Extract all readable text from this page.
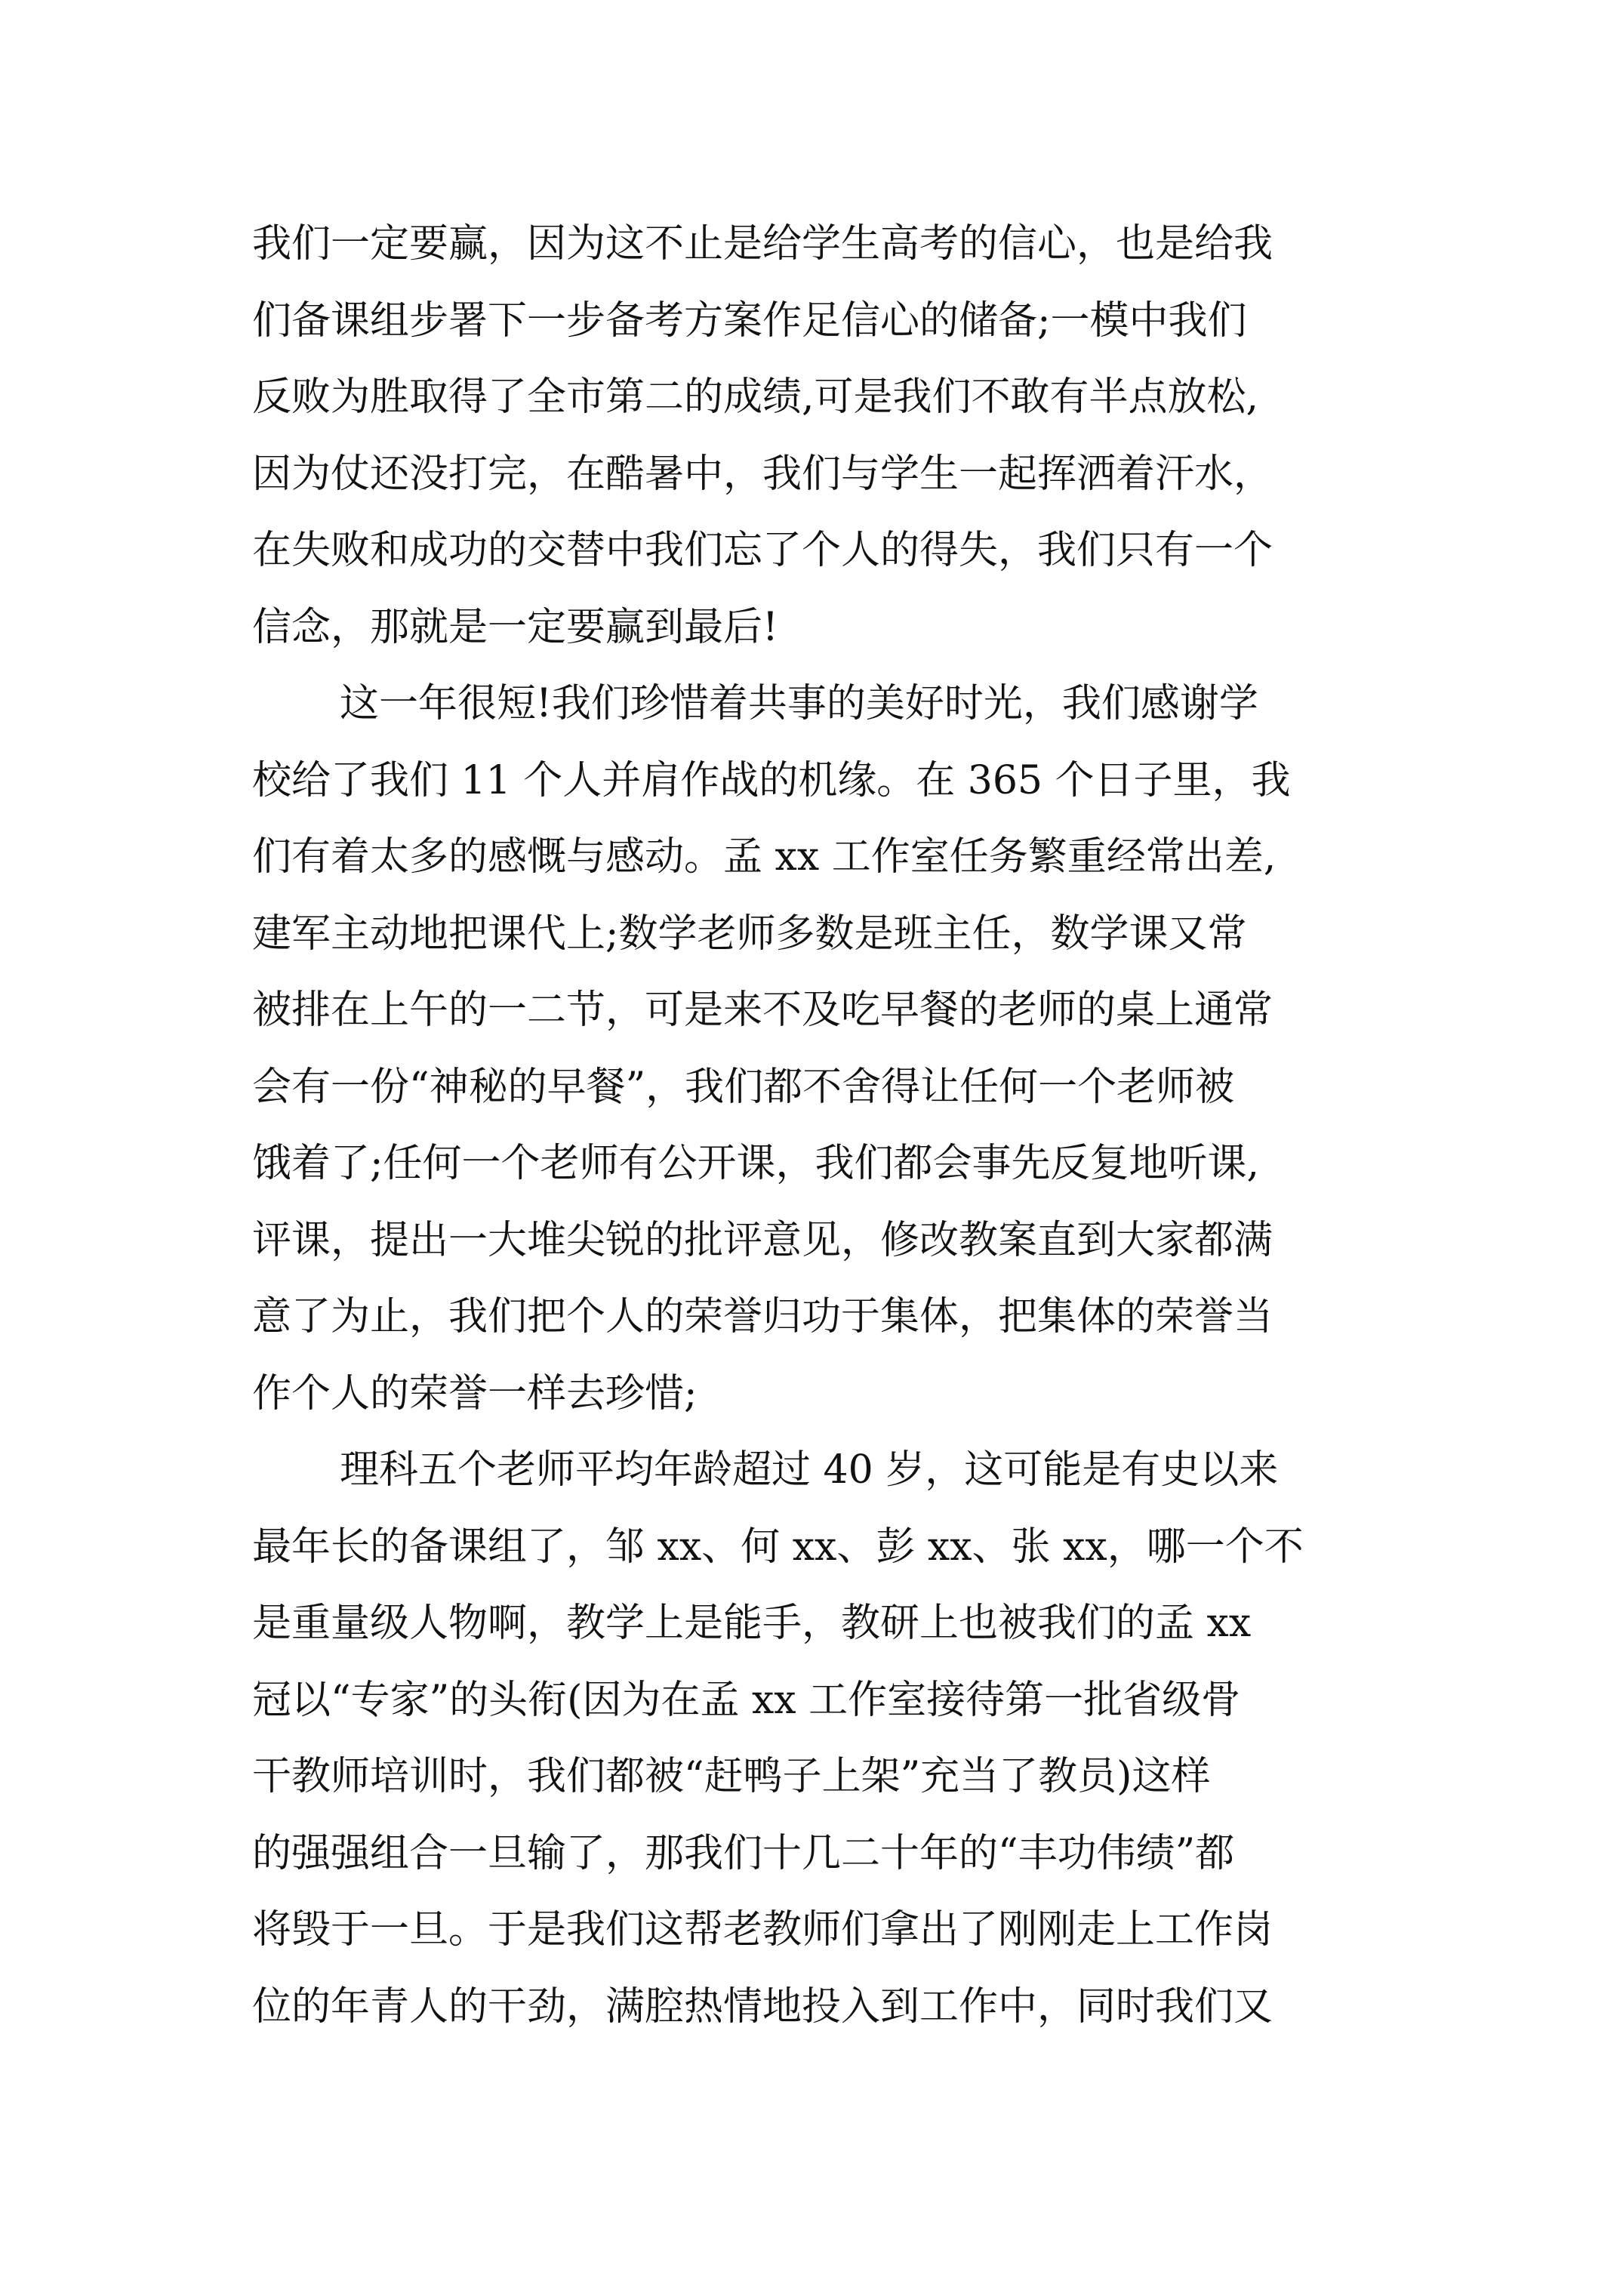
我们一定要赢，因为这不止是给学生高考的信心，也是给我
们备课组步署下一步备考方案作足信心的储备;一模中我们
反败为胜取得了全市第二的成绩,可是我们不敢有半点放松,
因为仗还没打完，在酷暑中，我们与学生一起挥洒着汗水，
在失败和成功的交替中我们忘了个人的得失，我们只有一个
信念，那就是一定要赢到最后!
这一年很短!我们珍惜着共事的美好时光，我们感谢学
校给了我们 11 个人并肩作战的机缘。在 365 个日子里，我
们有着太多的感慨与感动。孟 xx 工作室任务繁重经常出差,
建军主动地把课代上;数学老师多数是班主任，数学课又常
被排在上午的一二节，可是来不及吃早餐的老师的桌上通常
会有一份“神秘的早餐”，我们都不舍得让任何一个老师被
饿着了;任何一个老师有公开课，我们都会事先反复地听课,
评课，提出一大堆尖锐的批评意见，修改教案直到大家都满
意了为止，我们把个人的荣誉归功于集体，把集体的荣誉当
作个人的荣誉一样去珍惜;
理科五个老师平均年龄超过 40 岁，这可能是有史以来
最年长的备课组了，邹 xx、何 xx、彭 xx、张 xx，哪一个不
是重量级人物啊，教学上是能手，教研上也被我们的孟 xx
冠以“专家”的头衔(因为在孟 xx 工作室接待第一批省级骨
干教师培训时，我们都被“赶鸭子上架”充当了教员)这样
的强强组合一旦输了，那我们十几二十年的“丰功伟绩”都
将毁于一旦。于是我们这帮老教师们拿出了刚刚走上工作岗
位的年青人的干劲，满腔热情地投入到工作中，同时我们又
